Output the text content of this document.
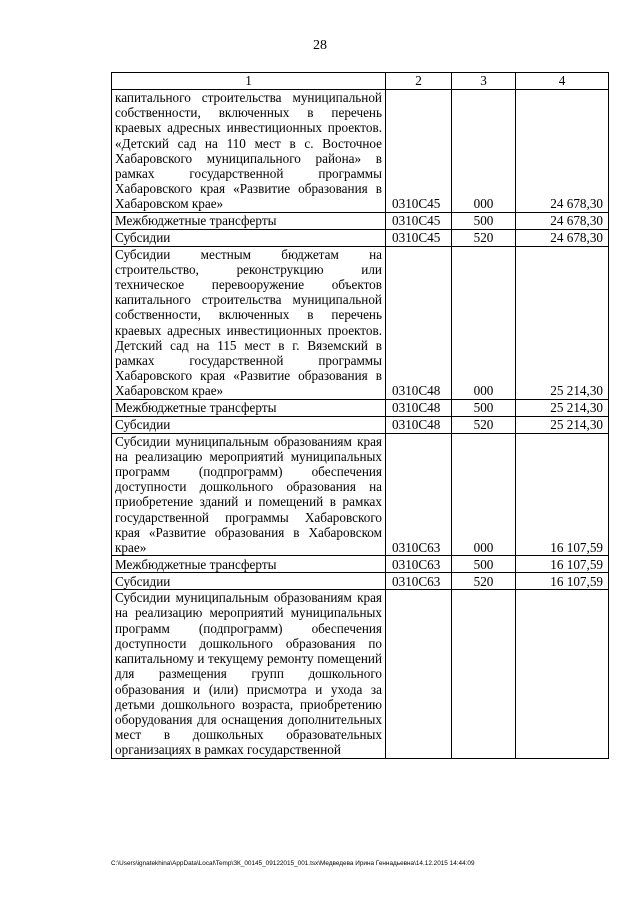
28
1	2	3	4
капитального строительства муниципальной собственности, включенных в перечень краевых адресных инвестиционных проектов. «Детский сад на 110 мест в с. Восточное Хабаровского муниципального района» в рамках государственной программы Хабаровского края «Развитие образования в Хабаровском крае»	0310С45	000	24 678,30
Межбюджетные трансферты	0310С45	500	24 678,30
Субсидии	0310С45	520	24 678,30
Субсидии местным бюджетам на строительство, реконструкцию или техническое перевооружение объектов капитального строительства муниципальной собственности, включенных в перечень краевых адресных инвестиционных проектов. Детский сад на 115 мест в г. Вяземский в рамках государственной программы Хабаровского края «Развитие образования в Хабаровском крае»	0310С48	000	25 214,30
Межбюджетные трансферты	0310С48	500	25 214,30
Субсидии	0310С48	520	25 214,30
Субсидии муниципальным образованиям края на реализацию мероприятий муниципальных программ (подпрограмм) обеспечения доступности дошкольного образования на приобретение зданий и помещений в рамках государственной программы Хабаровского края «Развитие образования в Хабаровском крае»	0310С63	000	16 107,59
Межбюджетные трансферты	0310С63	500	16 107,59
Субсидии	0310С63	520	16 107,59
Субсидии муниципальным образованиям края на реализацию мероприятий муниципальных программ (подпрограмм) обеспечения доступности дошкольного образования по капитальному и текущему ремонту помещений для размещения групп дошкольного образования и (или) присмотра и ухода за детьми дошкольного возраста, приобретению оборудования для оснащения дополнительных мест в дошкольных образовательных организациях в рамках государственной			
C:\Users\ignatekhina\AppData\Local\Temp\ЗК_00145_09122015_001.tsx\Медведева Ирина Геннадьевна\14.12.2015 14:44:09
